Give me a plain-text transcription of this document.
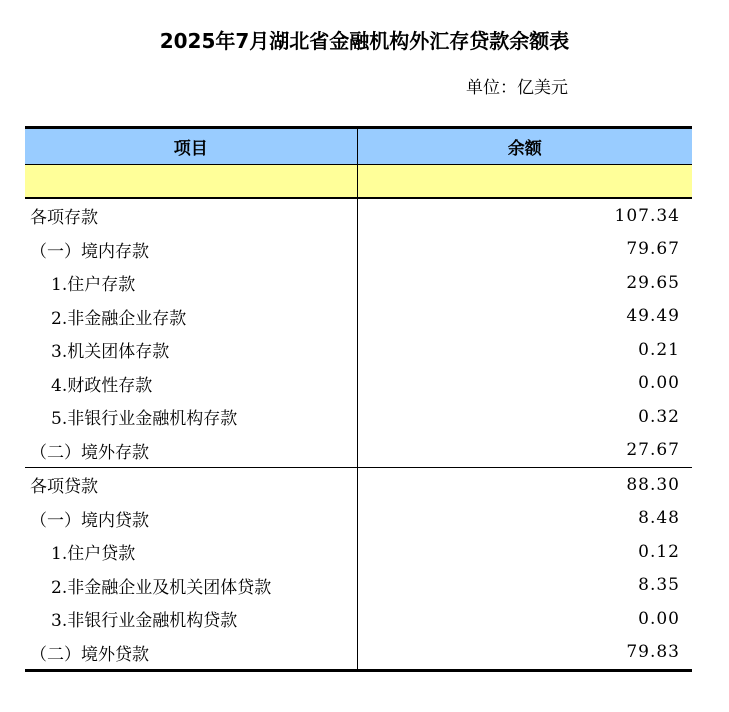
2025年7月湖北省金融机构外汇存贷款余额表
单位：亿美元
项目	余额

各项存款	107.34
（一）境内存款	79.67
1.住户存款	29.65
2.非金融企业存款	49.49
3.机关团体存款	0.21
4.财政性存款	0.00
5.非银行业金融机构存款	0.32
（二）境外存款	27.67
各项贷款	88.30
（一）境内贷款	8.48
1.住户贷款	0.12
2.非金融企业及机关团体贷款	8.35
3.非银行业金融机构贷款	0.00
（二）境外贷款	79.83
